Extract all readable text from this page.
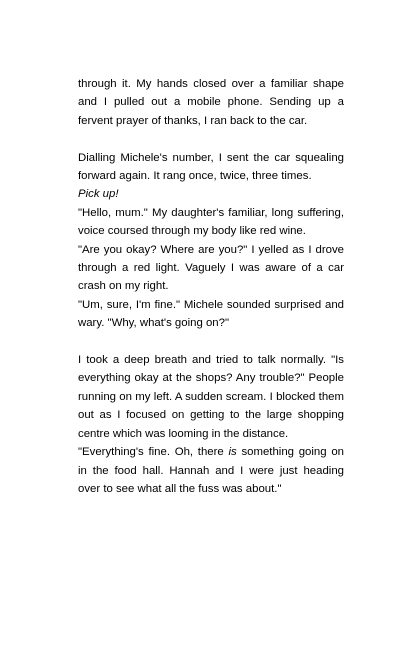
through it. My hands closed over a familiar shape and I pulled out a mobile phone. Sending up a fervent prayer of thanks, I ran back to the car.

Dialling Michele's number, I sent the car squealing forward again. It rang once, twice, three times.
Pick up!

"Hello, mum." My daughter's familiar, long suffering, voice coursed through my body like red wine.

"Are you okay? Where are you?" I yelled as I drove through a red light. Vaguely I was aware of a car crash on my right.

"Um, sure, I'm fine." Michele sounded surprised and wary. "Why, what's going on?"

I took a deep breath and tried to talk normally. "Is everything okay at the shops? Any trouble?" People running on my left. A sudden scream. I blocked them out as I focused on getting to the large shopping centre which was looming in the distance.

"Everything's fine. Oh, there is something going on in the food hall. Hannah and I were just heading over to see what all the fuss was about."
